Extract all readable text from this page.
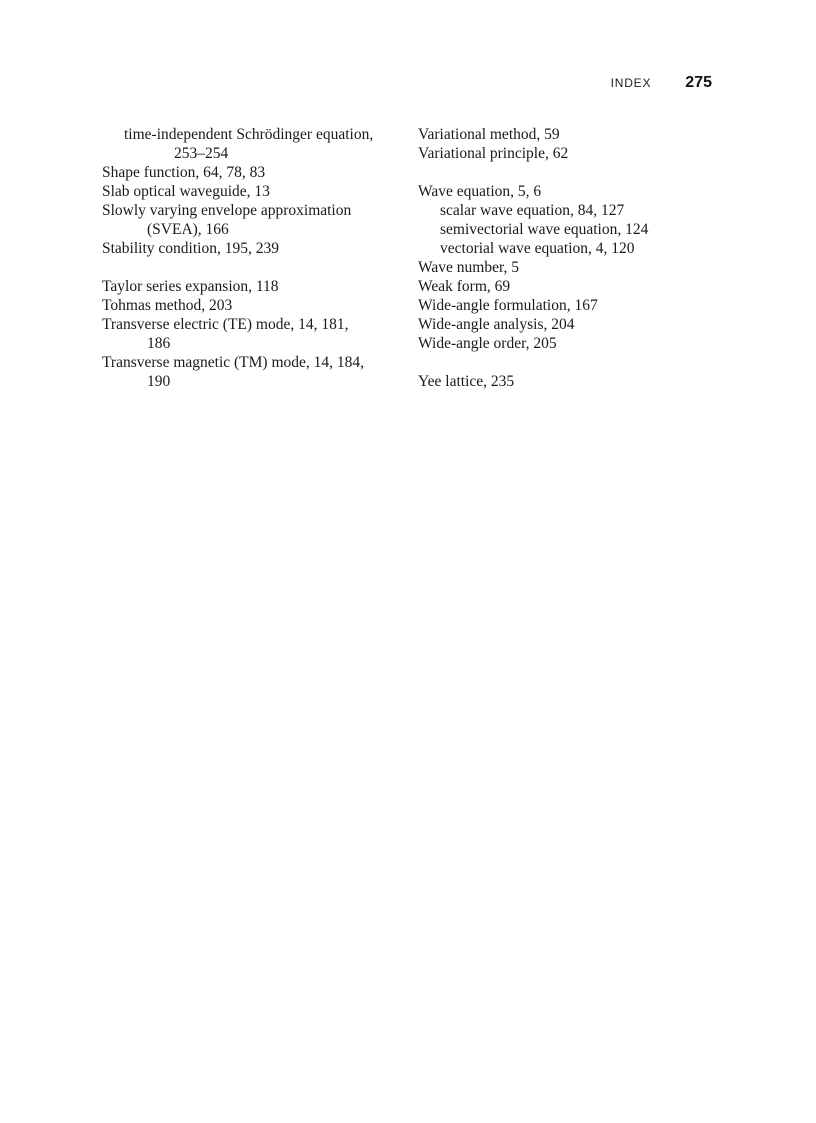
INDEX 275
time-independent Schrödinger equation,
253–254
Shape function, 64, 78, 83
Slab optical waveguide, 13
Slowly varying envelope approximation
(SVEA), 166
Stability condition, 195, 239
Taylor series expansion, 118
Tohmas method, 203
Transverse electric (TE) mode, 14, 181,
186
Transverse magnetic (TM) mode, 14, 184,
190
Variational method, 59
Variational principle, 62
Wave equation, 5, 6
scalar wave equation, 84, 127
semivectorial wave equation, 124
vectorial wave equation, 4, 120
Wave number, 5
Weak form, 69
Wide-angle formulation, 167
Wide-angle analysis, 204
Wide-angle order, 205
Yee lattice, 235
